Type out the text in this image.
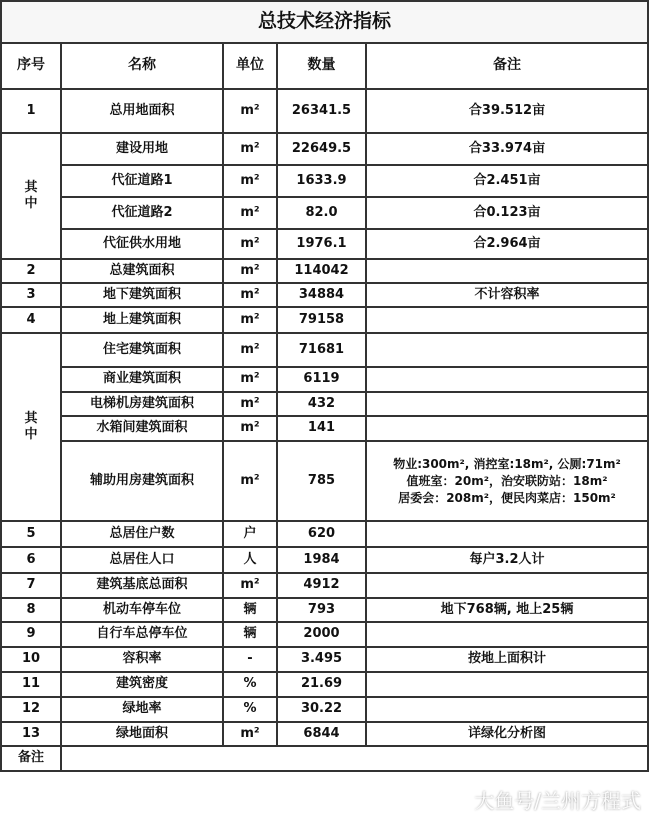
总技术经济指标				
序号	名称	单位	数量	备注
1	总用地面积	m²	26341.5	合39.512亩

其
中	建设用地	m²	22649.5	合33.974亩
	代征道路1	m²	1633.9	合2.451亩
	代征道路2	m²	82.0	合0.123亩
	代征供水用地	m²	1976.1	合2.964亩
2	总建筑面积	m²	114042	
3	地下建筑面积	m²	34884	不计容积率
4	地上建筑面积	m²	79158	

其
中	住宅建筑面积	m²	71681	
	商业建筑面积	m²	6119	
	电梯机房建筑面积	m²	432	
	水箱间建筑面积	m²	141	
	辅助用房建筑面积	m²	785	物业:300m², 消控室:18m², 公厕:71m²
值班室：20m²，治安联防站：18m²
居委会：208m²，便民肉菜店：150m²

5	总居住户数	户	620	
6	总居住人口	人	1984	每户3.2人计
7	建筑基底总面积	m²	4912	
8	机动车停车位	辆	793	地下768辆, 地上25辆
9	自行车总停车位	辆	2000	
10	容积率	-	3.495	按地上面积计
11	建筑密度	%	21.69	
12	绿地率	%	30.22	
13	绿地面积	m²	6844	详绿化分析图
备注				
大鱼号/兰州方程式
